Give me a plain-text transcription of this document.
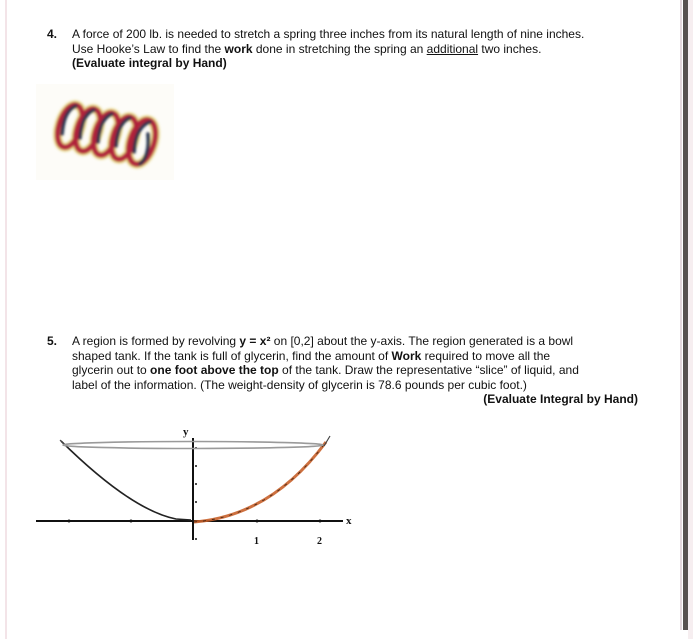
4. A force of 200 lb. is needed to stretch a spring three inches from its natural length of nine inches.
Use Hooke’s Law to find the work done in stretching the spring an additional two inches.
(Evaluate integral by Hand)
5. A region is formed by revolving y = x² on [0,2] about the y-axis. The region generated is a bowl
shaped tank. If the tank is full of glycerin, find the amount of Work required to move all the
glycerin out to one foot above the top of the tank. Draw the representative “slice” of liquid, and
label of the information. (The weight-density of glycerin is 78.6 pounds per cubic foot.)
(Evaluate Integral by Hand)
y
x
1	2
